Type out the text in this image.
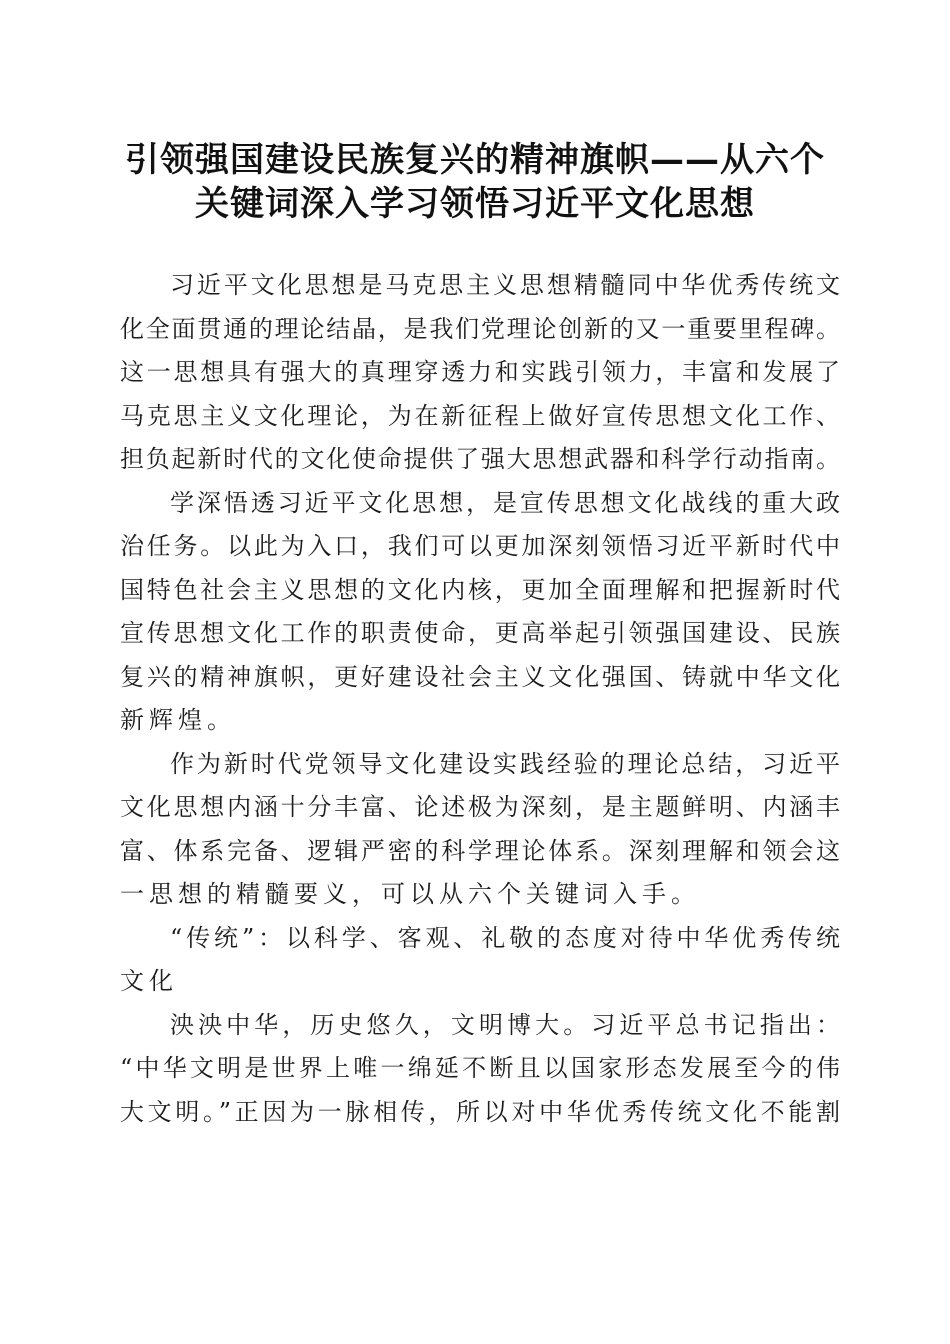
引领强国建设民族复兴的精神旗帜——从六个
关键词深入学习领悟习近平文化思想
习近平文化思想是马克思主义思想精髓同中华优秀传统文
化全面贯通的理论结晶，是我们党理论创新的又一重要里程碑。
这一思想具有强大的真理穿透力和实践引领力，丰富和发展了
马克思主义文化理论，为在新征程上做好宣传思想文化工作、
担负起新时代的文化使命提供了强大思想武器和科学行动指南。
学深悟透习近平文化思想，是宣传思想文化战线的重大政
治任务。以此为入口，我们可以更加深刻领悟习近平新时代中
国特色社会主义思想的文化内核，更加全面理解和把握新时代
宣传思想文化工作的职责使命，更高举起引领强国建设、民族
复兴的精神旗帜，更好建设社会主义文化强国、铸就中华文化
新辉煌。
作为新时代党领导文化建设实践经验的理论总结，习近平
文化思想内涵十分丰富、论述极为深刻，是主题鲜明、内涵丰
富、体系完备、逻辑严密的科学理论体系。深刻理解和领会这
一思想的精髓要义，可以从六个关键词入手。
“传统”：以科学、客观、礼敬的态度对待中华优秀传统
文化
泱泱中华，历史悠久，文明博大。习近平总书记指出：
“中华文明是世界上唯一绵延不断且以国家形态发展至今的伟
大文明。”正因为一脉相传，所以对中华优秀传统文化不能割
